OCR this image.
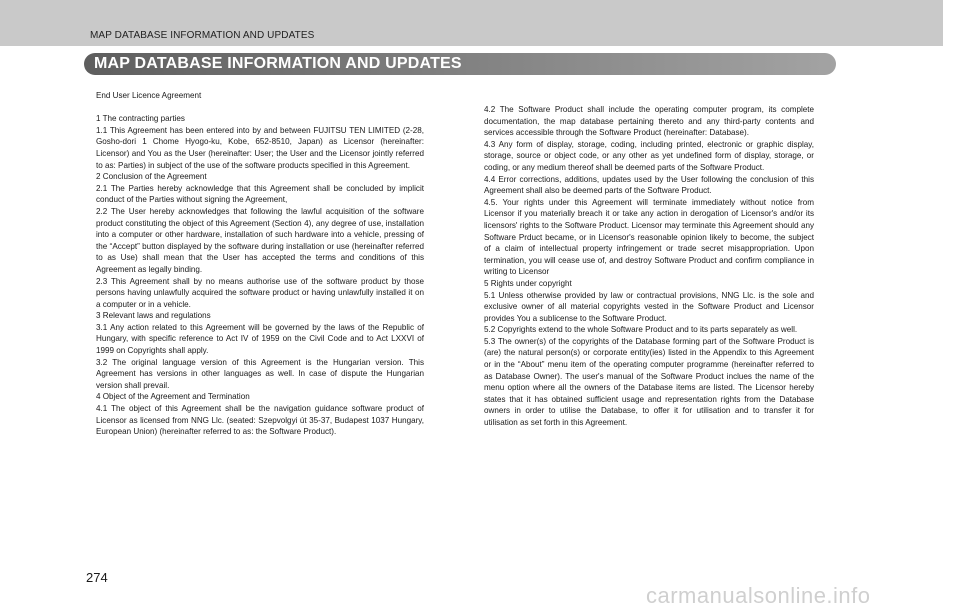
MAP DATABASE INFORMATION AND UPDATES
MAP DATABASE INFORMATION AND UPDATES

End User Licence Agreement

1 The contracting parties

1.1 This Agreement has been entered into by and between FUJITSU TEN LIMITED (2-28, Gosho-dori 1 Chome Hyogo-ku, Kobe, 652-8510, Japan) as Licensor (hereinafter: Licensor) and You as the User (hereinafter: User; the User and the Licensor jointly referred to as: Parties) in subject of the use of the software products specified in this Agreement.

2 Conclusion of the Agreement

2.1 The Parties hereby acknowledge that this Agreement shall be concluded by implicit conduct of the Parties without signing the Agreement,

2.2 The User hereby acknowledges that following the lawful acquisition of the software product constituting the object of this Agreement (Section 4), any degree of use, installation into a computer or other hardware, installation of such hardware into a vehicle, pressing of the “Accept” button displayed by the software during installation or use (hereinafter referred to as Use) shall mean that the User has accepted the terms and conditions of this Agreement as legally binding.

2.3 This Agreement shall by no means authorise use of the software product by those persons having unlawfully acquired the software product or having unlawfully installed it on a computer or in a vehicle.

3 Relevant laws and regulations

3.1 Any action related to this Agreement will be governed by the laws of the Republic of Hungary, with specific reference to Act IV of 1959 on the Civil Code and to Act LXXVI of 1999 on Copyrights shall apply.

3.2 The original language version of this Agreement is the Hungarian version. This Agreement has versions in other languages as well. In case of dispute the Hungarian version shall prevail.

4 Object of the Agreement and Termination

4.1 The object of this Agreement shall be the navigation guidance software product of Licensor as licensed from NNG Llc. (seated: Szepvolgyi út 35-37, Budapest 1037 Hungary, European Union) (hereinafter referred to as: the Software Product).

4.2 The Software Product shall include the operating computer program, its complete documentation, the map database pertaining thereto and any third-party contents and services accessible through the Software Product (hereinafter: Database).

4.3 Any form of display, storage, coding, including printed, electronic or graphic display, storage, source or object code, or any other as yet undefined form of display, storage, or coding, or any medium thereof shall be deemed parts of the Software Product.

4.4 Error corrections, additions, updates used by the User following the conclusion of this Agreement shall also be deemed parts of the Software Product.

4.5. Your rights under this Agreement will terminate immediately without notice from Licensor if you materially breach it or take any action in derogation of Licensor's and/or its licensors' rights to the Software Product. Licensor may terminate this Agreement should any Software Prduct became, or in Licensor's reasonable opinion likely to become, the subject of a claim of intellectual property infringement or trade secret misappropriation. Upon termination, you will cease use of, and destroy Software Product and confirm compliance in writing to Licensor

5 Rights under copyright

5.1 Unless otherwise provided by law or contractual provisions, NNG Llc. is the sole and exclusive owner of all material copyrights vested in the Software Product and Licensor provides You a sublicense to the Software Product.

5.2 Copyrights extend to the whole Software Product and to its parts separately as well.

5.3 The owner(s) of the copyrights of the Database forming part of the Software Product is (are) the natural person(s) or corporate entity(ies) listed in the Appendix to this Agreement or in the “About” menu item of the operating computer programme (hereinafter referred to as Database Owner). The user's manual of the Software Product inclues the name of the menu option where all the owners of the Database items are listed. The Licensor hereby states that it has obtained sufficient usage and representation rights from the Database owners in order to utilise the Database, to offer it for utilisation and to transfer it for utilisation as set forth in this Agreement.

274
carmanualsonline.info
